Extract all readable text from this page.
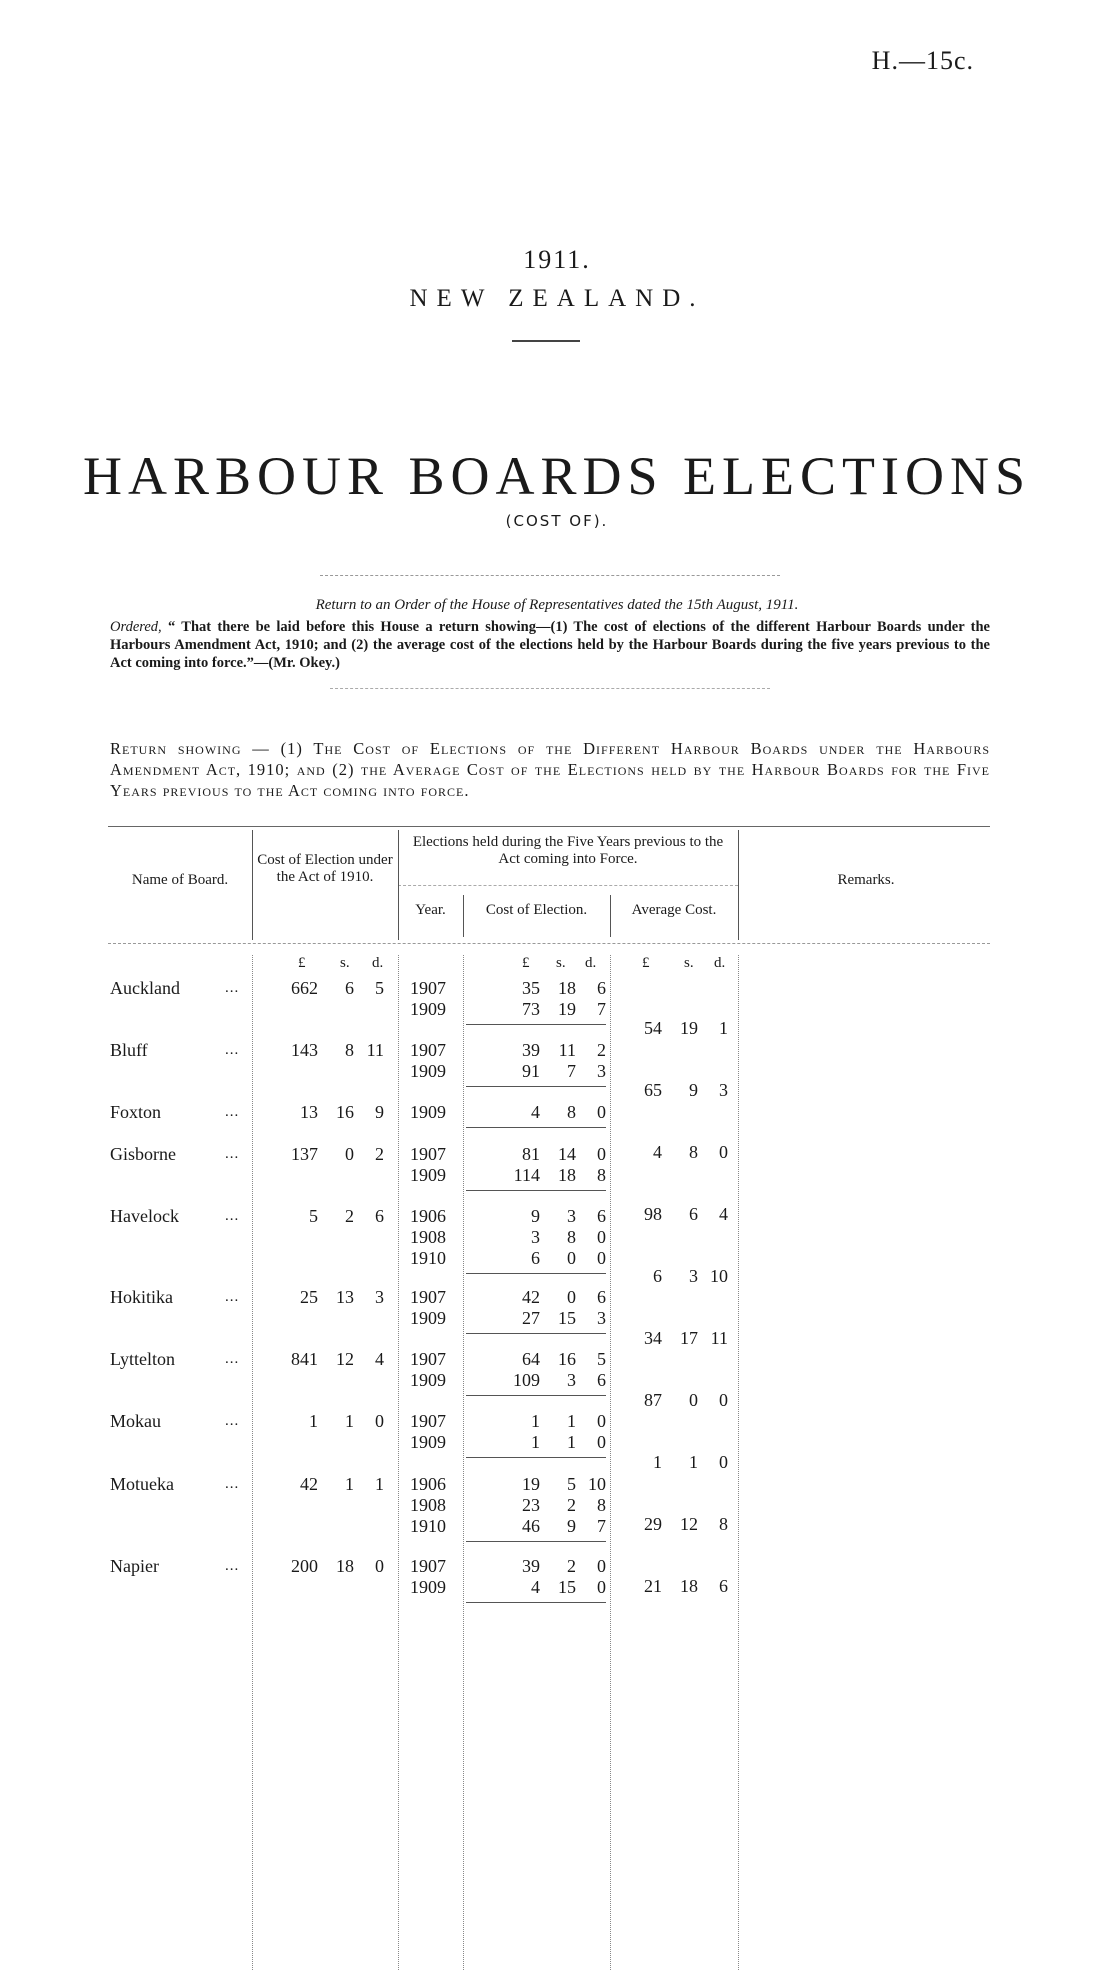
H.—15c.
1911.
NEW ZEALAND.
HARBOUR BOARDS ELECTIONS
(COST OF).
Return to an Order of the House of Representatives dated the 15th August, 1911.
Ordered, “ That there be laid before this House a return showing—(1) The cost of elections of the different Harbour Boards under the Harbours Amendment Act, 1910; and (2) the average cost of the elections held by the Harbour Boards during the five years previous to the Act coming into force.”—(Mr. Okey.)
Return showing — (1) The Cost of Elections of the Different Harbour Boards under the Harbours Amendment Act, 1910; and (2) the Average Cost of the Elections held by the Harbour Boards for the Five Years previous to the Act coming into force.
Name of Board.
Cost of Election under the Act of 1910.
Elections held during the Five Years previous to the Act coming into Force.
Year.	Cost of Election.	Average Cost.
Remarks.
£ s. d.	£ s. d.	£ s. d.
Auckland	...	662	6	5 1907	35	18	6
1909	73	19	7
54	19	1
Bluff	...	143	8 11 1907	39	11	2
1909	91	7	3
65	9	3
Foxton	...	13	16	9 1909	4	8	0
4	8	0
Gisborne	...	137	0	2 1907	81	14	0
1909	114	18	8
98	6	4
Havelock	...	5	2	6 1906	9	3	6
1908	3	8	0
1910	6	0	0
6	3 10
Hokitika	...	25	13	3 1907	42	0	6
1909	27	15	3
34	17 11
Lyttelton	...	841	12	4 1907	64	16	5
1909	109	3	6
87	0	0
Mokau	...	1	1	0 1907	1	1	0
1909	1	1	0
1	1	0
Motueka	...	42	1	1 1906	19	5 10
1908	23	2	8
1910	46	9	7	29	12	8
Napier	...	200	18	0 1907	39	2	0
1909	4	15	0	21	18	6
